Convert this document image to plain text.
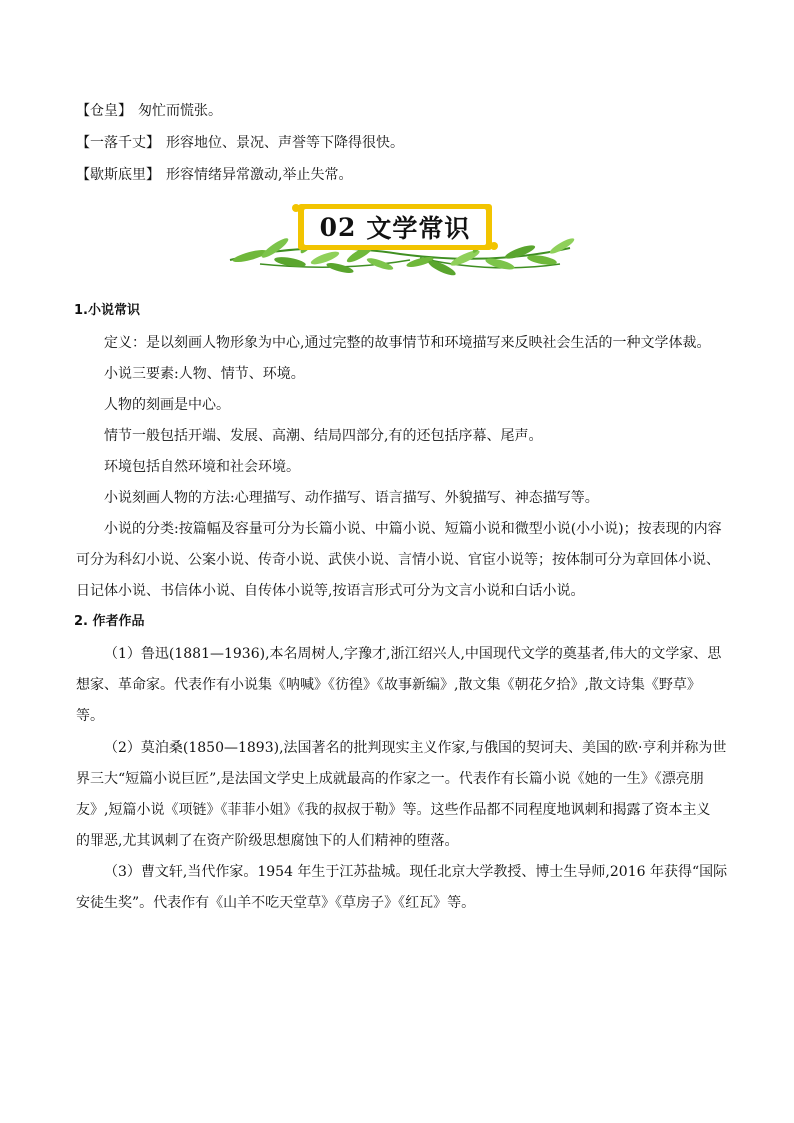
【仓皇】 匆忙而慌张。
【一落千丈】 形容地位、景况、声誉等下降得很快。
【歇斯底里】 形容情绪异常激动,举止失常。
02 文学常识
1.小说常识
定义：是以刻画人物形象为中心,通过完整的故事情节和环境描写来反映社会生活的一种文学体裁。
小说三要素:人物、情节、环境。
人物的刻画是中心。
情节一般包括开端、发展、高潮、结局四部分,有的还包括序幕、尾声。
环境包括自然环境和社会环境。
小说刻画人物的方法:心理描写、动作描写、语言描写、外貌描写、神态描写等。
小说的分类:按篇幅及容量可分为长篇小说、中篇小说、短篇小说和微型小说(小小说)；按表现的内容
可分为科幻小说、公案小说、传奇小说、武侠小说、言情小说、官宦小说等；按体制可分为章回体小说、
日记体小说、书信体小说、自传体小说等,按语言形式可分为文言小说和白话小说。
2. 作者作品
（1）鲁迅(1881—1936),本名周树人,字豫才,浙江绍兴人,中国现代文学的奠基者,伟大的文学家、思
想家、革命家。代表作有小说集《呐喊》《彷徨》《故事新编》,散文集《朝花夕拾》,散文诗集《野草》
等。
（2）莫泊桑(1850—1893),法国著名的批判现实主义作家,与俄国的契诃夫、美国的欧·亨利并称为世
界三大“短篇小说巨匠”,是法国文学史上成就最高的作家之一。代表作有长篇小说《她的一生》《漂亮朋
友》,短篇小说《项链》《菲菲小姐》《我的叔叔于勒》等。这些作品都不同程度地讽刺和揭露了资本主义
的罪恶,尤其讽刺了在资产阶级思想腐蚀下的人们精神的堕落。
（3）曹文轩,当代作家。1954 年生于江苏盐城。现任北京大学教授、博士生导师,2016 年获得“国际
安徒生奖”。代表作有《山羊不吃天堂草》《草房子》《红瓦》等。
